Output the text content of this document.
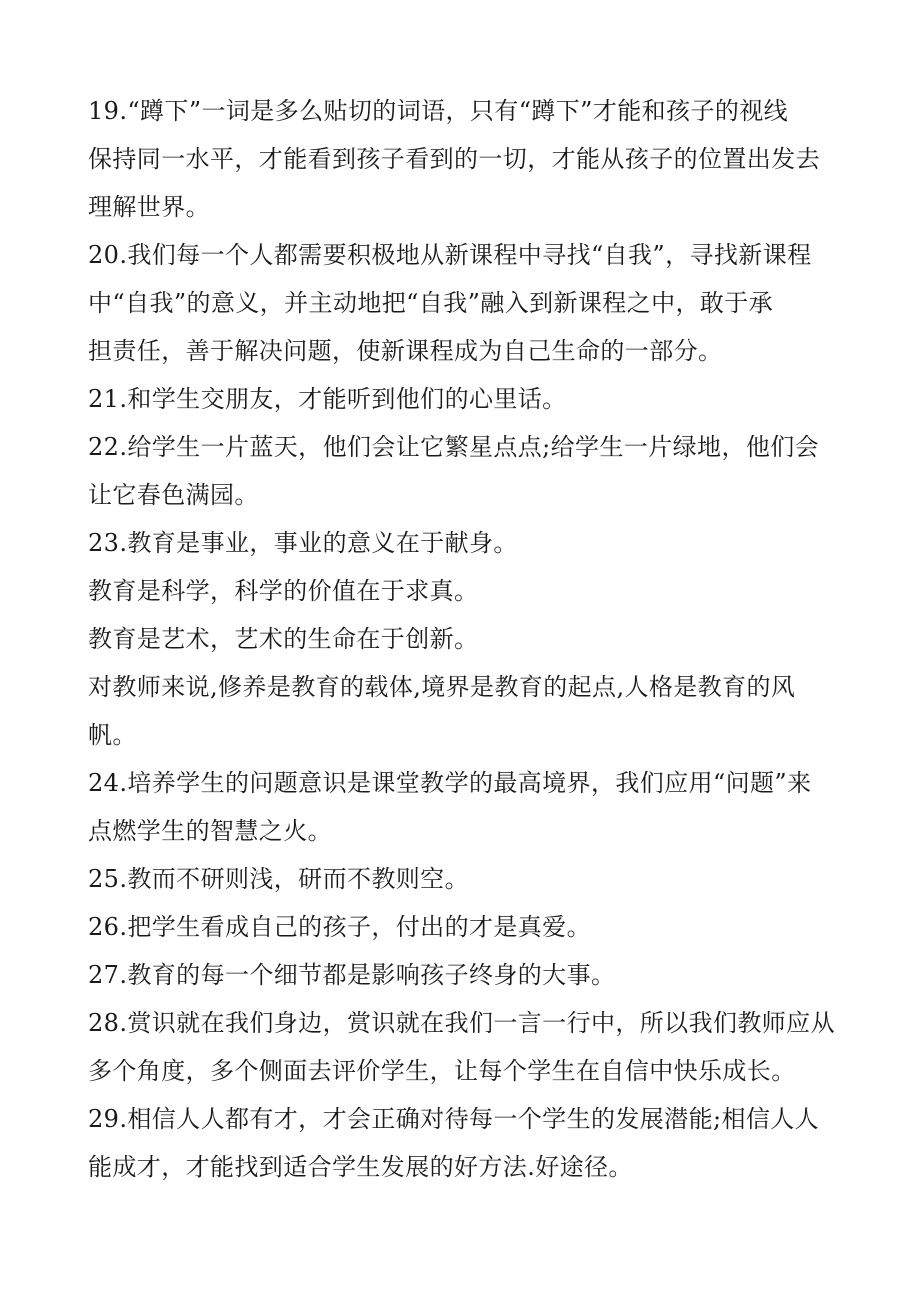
19.“蹲下”一词是多么贴切的词语，只有“蹲下”才能和孩子的视线
保持同一水平，才能看到孩子看到的一切，才能从孩子的位置出发去
理解世界。
20.我们每一个人都需要积极地从新课程中寻找“自我”，寻找新课程
中“自我”的意义，并主动地把“自我”融入到新课程之中，敢于承
担责任，善于解决问题，使新课程成为自己生命的一部分。
21.和学生交朋友，才能听到他们的心里话。
22.给学生一片蓝天，他们会让它繁星点点;给学生一片绿地，他们会
让它春色满园。
23.教育是事业，事业的意义在于献身。
教育是科学，科学的价值在于求真。
教育是艺术，艺术的生命在于创新。
对教师来说,修养是教育的载体,境界是教育的起点,人格是教育的风
帆。
24.培养学生的问题意识是课堂教学的最高境界，我们应用“问题”来
点燃学生的智慧之火。
25.教而不研则浅，研而不教则空。
26.把学生看成自己的孩子，付出的才是真爱。
27.教育的每一个细节都是影响孩子终身的大事。
28.赏识就在我们身边，赏识就在我们一言一行中，所以我们教师应从
多个角度，多个侧面去评价学生，让每个学生在自信中快乐成长。
29.相信人人都有才，才会正确对待每一个学生的发展潜能;相信人人
能成才，才能找到适合学生发展的好方法.好途径。
